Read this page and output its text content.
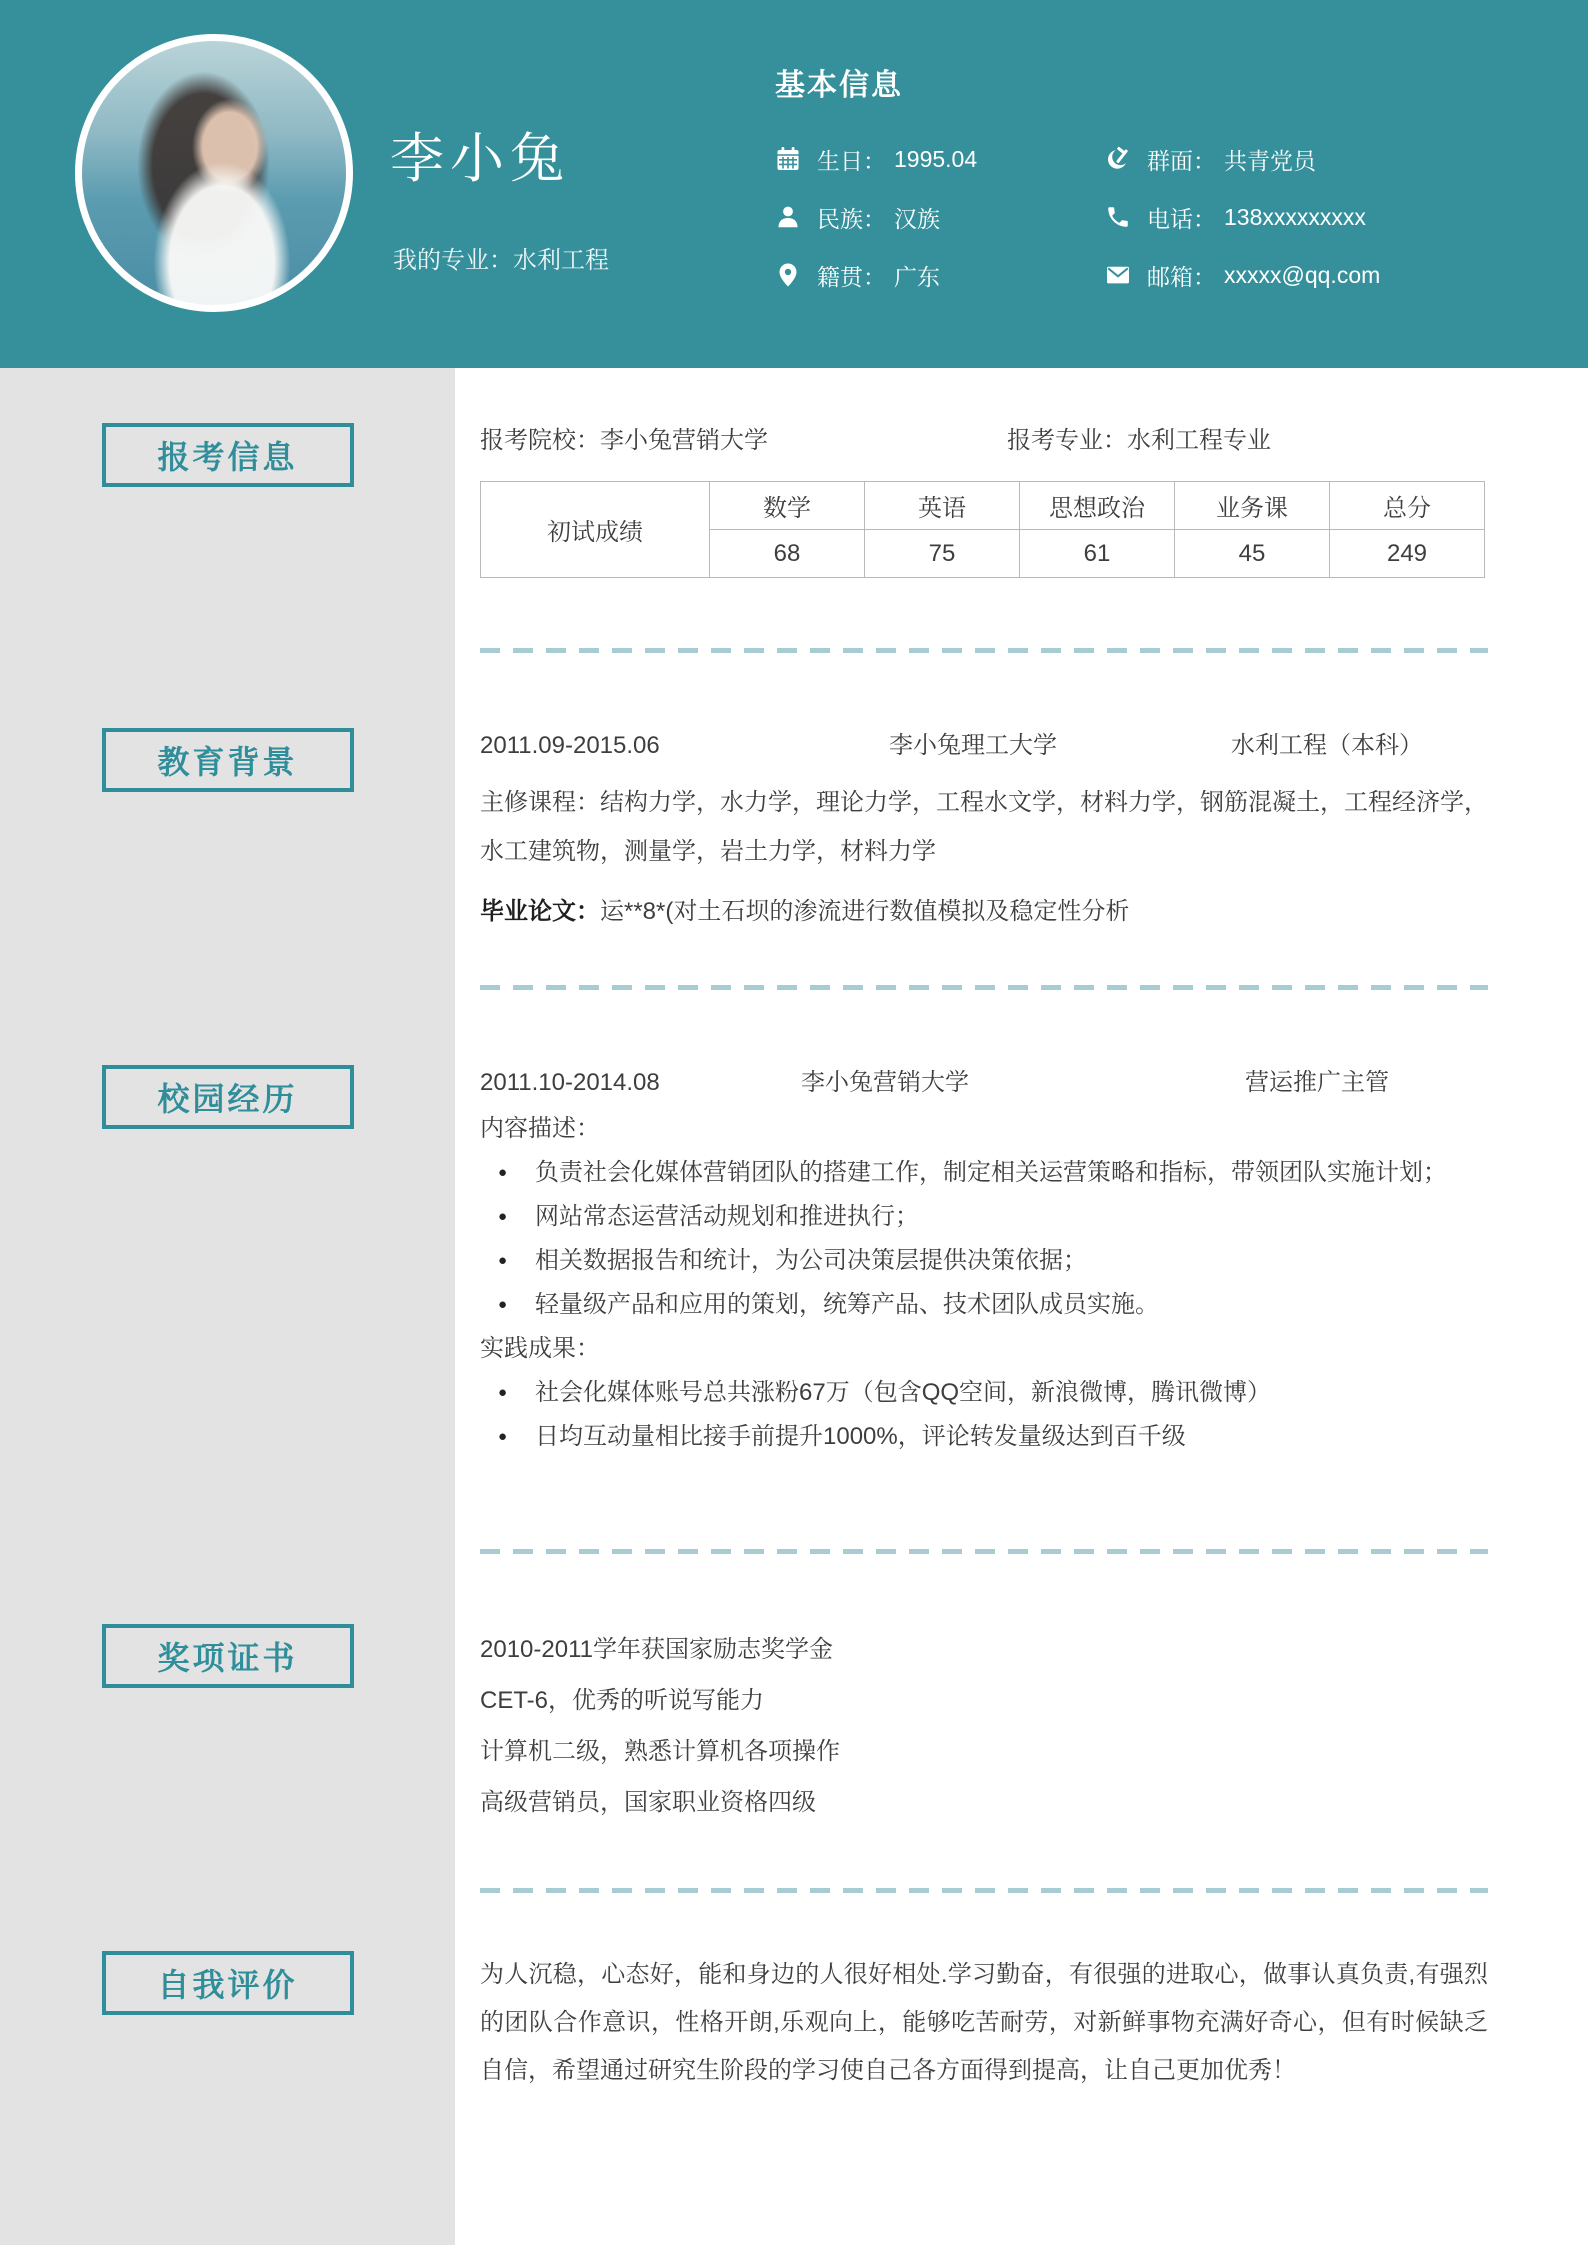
李小兔
我的专业：水利工程
基本信息
生日： 1995.04
民族： 汉族
籍贯： 广东
群面： 共青党员
电话： 138xxxxxxxxx
邮箱： xxxxx@qq.com
报考信息	报考院校：李小兔营销大学	报考专业：水利工程专业
初试成绩	数学	英语	思想政治	业务课	总分
	68	75	61	45	249
教育背景	2011.09-2015.06	李小兔理工大学	水利工程（本科）
主修课程：结构力学，水力学，理论力学，工程水文学，材料力学，钢筋混凝土，工程经济学，水工建筑物，测量学，岩土力学，材料力学
毕业论文：运**8*(对土石坝的渗流进行数值模拟及稳定性分析
校园经历	2011.10-2014.08	李小兔营销大学	营运推广主管
内容描述：
● 负责社会化媒体营销团队的搭建工作，制定相关运营策略和指标，带领团队实施计划；
● 网站常态运营活动规划和推进执行；
● 相关数据报告和统计，为公司决策层提供决策依据；
● 轻量级产品和应用的策划，统筹产品、技术团队成员实施。
实践成果：
● 社会化媒体账号总共涨粉67万（包含QQ空间，新浪微博，腾讯微博）
● 日均互动量相比接手前提升1000%，评论转发量级达到百千级
奖项证书	2010-2011学年获国家励志奖学金
CET-6，优秀的听说写能力
计算机二级，熟悉计算机各项操作
高级营销员，国家职业资格四级
自我评价	为人沉稳，心态好，能和身边的人很好相处.学习勤奋，有很强的进取心，做事认真负责,有强烈的团队合作意识，性格开朗,乐观向上，能够吃苦耐劳，对新鲜事物充满好奇心，但有时候缺乏自信，希望通过研究生阶段的学习使自己各方面得到提高，让自己更加优秀！
